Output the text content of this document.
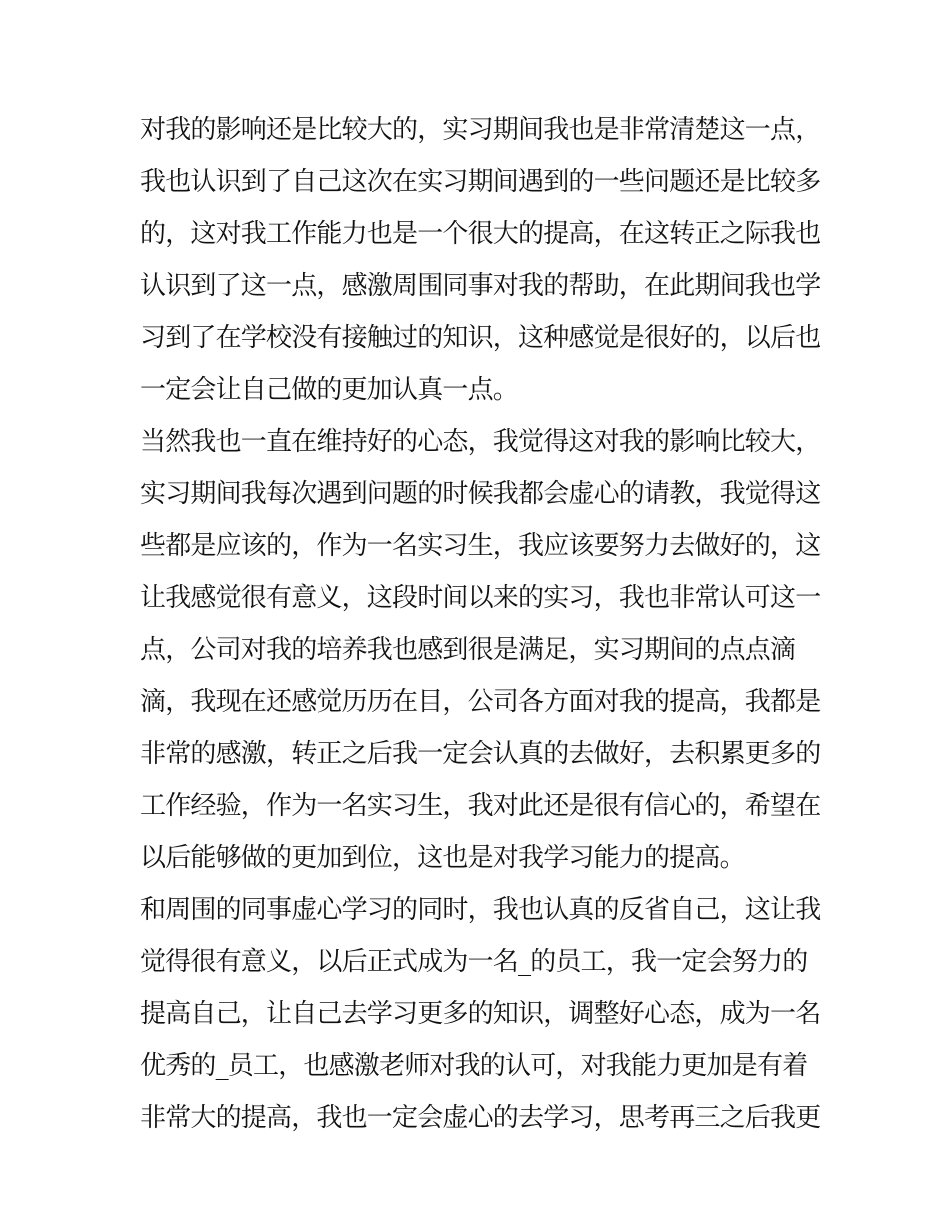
对我的影响还是比较大的，实习期间我也是非常清楚这一点，
我也认识到了自己这次在实习期间遇到的一些问题还是比较多
的，这对我工作能力也是一个很大的提高，在这转正之际我也
认识到了这一点，感激周围同事对我的帮助，在此期间我也学
习到了在学校没有接触过的知识，这种感觉是很好的，以后也
一定会让自己做的更加认真一点。
当然我也一直在维持好的心态，我觉得这对我的影响比较大，
实习期间我每次遇到问题的时候我都会虚心的请教，我觉得这
些都是应该的，作为一名实习生，我应该要努力去做好的，这
让我感觉很有意义，这段时间以来的实习，我也非常认可这一
点，公司对我的培养我也感到很是满足，实习期间的点点滴
滴，我现在还感觉历历在目，公司各方面对我的提高，我都是
非常的感激，转正之后我一定会认真的去做好，去积累更多的
工作经验，作为一名实习生，我对此还是很有信心的，希望在
以后能够做的更加到位，这也是对我学习能力的提高。
和周围的同事虚心学习的同时，我也认真的反省自己，这让我
觉得很有意义，以后正式成为一名_的员工，我一定会努力的
提高自己，让自己去学习更多的知识，调整好心态，成为一名
优秀的_员工，也感激老师对我的认可，对我能力更加是有着
非常大的提高，我也一定会虚心的去学习，思考再三之后我更
